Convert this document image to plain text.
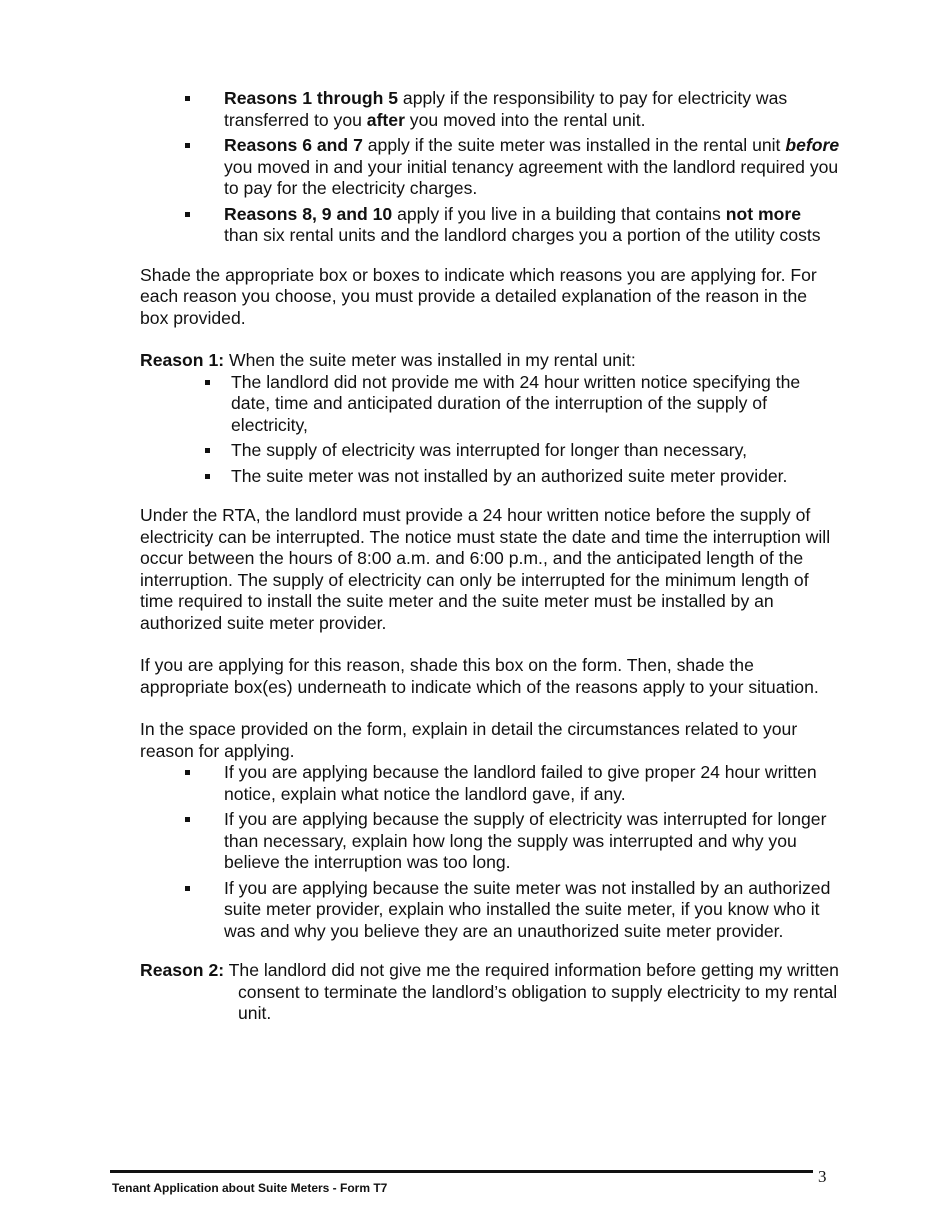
Reasons 1 through 5 apply if the responsibility to pay for electricity was transferred to you after you moved into the rental unit.
Reasons 6 and 7 apply if the suite meter was installed in the rental unit before you moved in and your initial tenancy agreement with the landlord required you to pay for the electricity charges.
Reasons 8, 9 and 10 apply if you live in a building that contains not more than six rental units and the landlord charges you a portion of the utility costs

Shade the appropriate box or boxes to indicate which reasons you are applying for. For each reason you choose, you must provide a detailed explanation of the reason in the box provided.

Reason 1: When the suite meter was installed in my rental unit:

The landlord did not provide me with 24 hour written notice specifying the date, time and anticipated duration of the interruption of the supply of electricity,
The supply of electricity was interrupted for longer than necessary,
The suite meter was not installed by an authorized suite meter provider.

Under the RTA, the landlord must provide a 24 hour written notice before the supply of electricity can be interrupted. The notice must state the date and time the interruption will occur between the hours of 8:00 a.m. and 6:00 p.m., and the anticipated length of the interruption. The supply of electricity can only be interrupted for the minimum length of time required to install the suite meter and the suite meter must be installed by an authorized suite meter provider.

If you are applying for this reason, shade this box on the form. Then, shade the appropriate box(es) underneath to indicate which of the reasons apply to your situation.

In the space provided on the form, explain in detail the circumstances related to your reason for applying.

If you are applying because the landlord failed to give proper 24 hour written notice, explain what notice the landlord gave, if any.
If you are applying because the supply of electricity was interrupted for longer than necessary, explain how long the supply was interrupted and why you believe the interruption was too long.
If you are applying because the suite meter was not installed by an authorized suite meter provider, explain who installed the suite meter, if you know who it was and why you believe they are an unauthorized suite meter provider.

Reason 2: The landlord did not give me the required information before getting my written consent to terminate the landlord’s obligation to supply electricity to my rental unit.

3
Tenant Application about Suite Meters - Form T7
